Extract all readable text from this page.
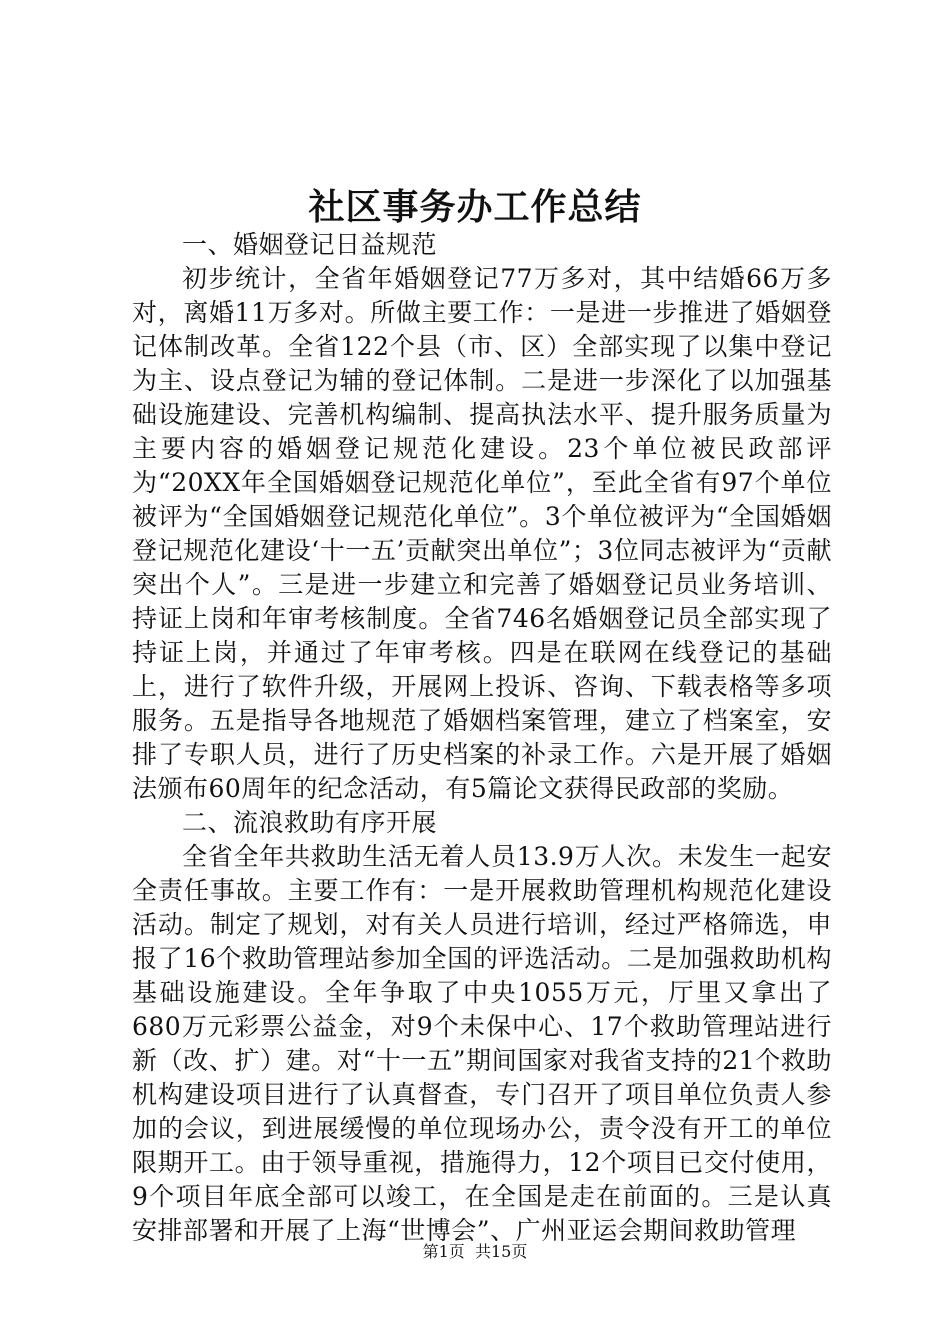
社区事务办工作总结

一、婚姻登记日益规范

初步统计，全省年婚姻登记77万多对，其中结婚66万多对，离婚11万多对。所做主要工作：一是进一步推进了婚姻登记体制改革。全省122个县（市、区）全部实现了以集中登记为主、设点登记为辅的登记体制。二是进一步深化了以加强基础设施建设、完善机构编制、提高执法水平、提升服务质量为主要内容的婚姻登记规范化建设。23个单位被民政部评为“20XX年全国婚姻登记规范化单位”，至此全省有97个单位被评为“全国婚姻登记规范化单位”。3个单位被评为“全国婚姻登记规范化建设‘十一五’贡献突出单位”；3位同志被评为“贡献突出个人”。三是进一步建立和完善了婚姻登记员业务培训、持证上岗和年审考核制度。全省746名婚姻登记员全部实现了持证上岗，并通过了年审考核。四是在联网在线登记的基础上，进行了软件升级，开展网上投诉、咨询、下载表格等多项服务。五是指导各地规范了婚姻档案管理，建立了档案室，安排了专职人员，进行了历史档案的补录工作。六是开展了婚姻法颁布60周年的纪念活动，有5篇论文获得民政部的奖励。

二、流浪救助有序开展

全省全年共救助生活无着人员13.9万人次。未发生一起安全责任事故。主要工作有：一是开展救助管理机构规范化建设活动。制定了规划，对有关人员进行培训，经过严格筛选，申报了16个救助管理站参加全国的评选活动。二是加强救助机构基础设施建设。全年争取了中央1055万元，厅里又拿出了680万元彩票公益金，对9个未保中心、17个救助管理站进行新（改、扩）建。对“十一五”期间国家对我省支持的21个救助机构建设项目进行了认真督查，专门召开了项目单位负责人参加的会议，到进展缓慢的单位现场办公，责令没有开工的单位限期开工。由于领导重视，措施得力，12个项目已交付使用，9个项目年底全部可以竣工，在全国是走在前面的。三是认真安排部署和开展了上海“世博会”、广州亚运会期间救助管理

第1页 共15页
